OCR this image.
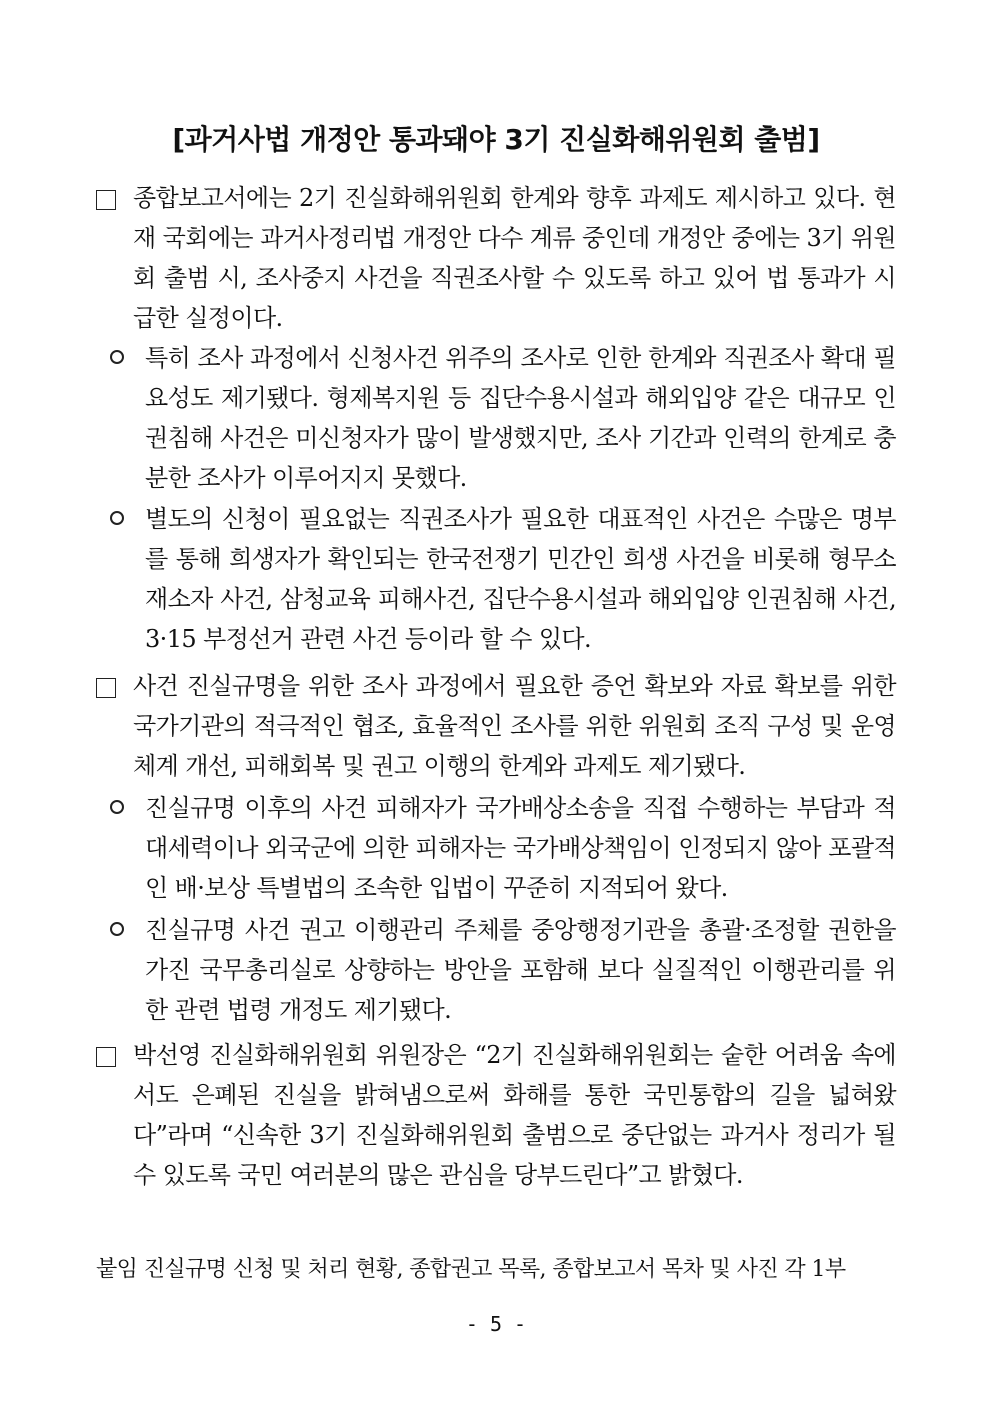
[과거사법 개정안 통과돼야 3기 진실화해위원회 출범]
종합보고서에는 2기 진실화해위원회 한계와 향후 과제도 제시하고 있다. 현재 국회에는 과거사정리법 개정안 다수 계류 중인데 개정안 중에는 3기 위원회 출범 시, 조사중지 사건을 직권조사할 수 있도록 하고 있어 법 통과가 시급한 실정이다.
특히 조사 과정에서 신청사건 위주의 조사로 인한 한계와 직권조사 확대 필요성도 제기됐다. 형제복지원 등 집단수용시설과 해외입양 같은 대규모 인권침해 사건은 미신청자가 많이 발생했지만, 조사 기간과 인력의 한계로 충분한 조사가 이루어지지 못했다.
별도의 신청이 필요없는 직권조사가 필요한 대표적인 사건은 수많은 명부를 통해 희생자가 확인되는 한국전쟁기 민간인 희생 사건을 비롯해 형무소 재소자 사건, 삼청교육 피해사건, 집단수용시설과 해외입양 인권침해 사건, 3·15 부정선거 관련 사건 등이라 할 수 있다.
사건 진실규명을 위한 조사 과정에서 필요한 증언 확보와 자료 확보를 위한 국가기관의 적극적인 협조, 효율적인 조사를 위한 위원회 조직 구성 및 운영 체계 개선, 피해회복 및 권고 이행의 한계와 과제도 제기됐다.
진실규명 이후의 사건 피해자가 국가배상소송을 직접 수행하는 부담과 적대세력이나 외국군에 의한 피해자는 국가배상책임이 인정되지 않아 포괄적인 배·보상 특별법의 조속한 입법이 꾸준히 지적되어 왔다.
진실규명 사건 권고 이행관리 주체를 중앙행정기관을 총괄·조정할 권한을 가진 국무총리실로 상향하는 방안을 포함해 보다 실질적인 이행관리를 위한 관련 법령 개정도 제기됐다.
박선영 진실화해위원회 위원장은 “2기 진실화해위원회는 숱한 어려움 속에서도 은폐된 진실을 밝혀냄으로써 화해를 통한 국민통합의 길을 넓혀왔다”라며 “신속한 3기 진실화해위원회 출범으로 중단없는 과거사 정리가 될 수 있도록 국민 여러분의 많은 관심을 당부드린다”고 밝혔다.
붙임 진실규명 신청 및 처리 현황, 종합권고 목록, 종합보고서 목차 및 사진 각 1부
- 5 -
